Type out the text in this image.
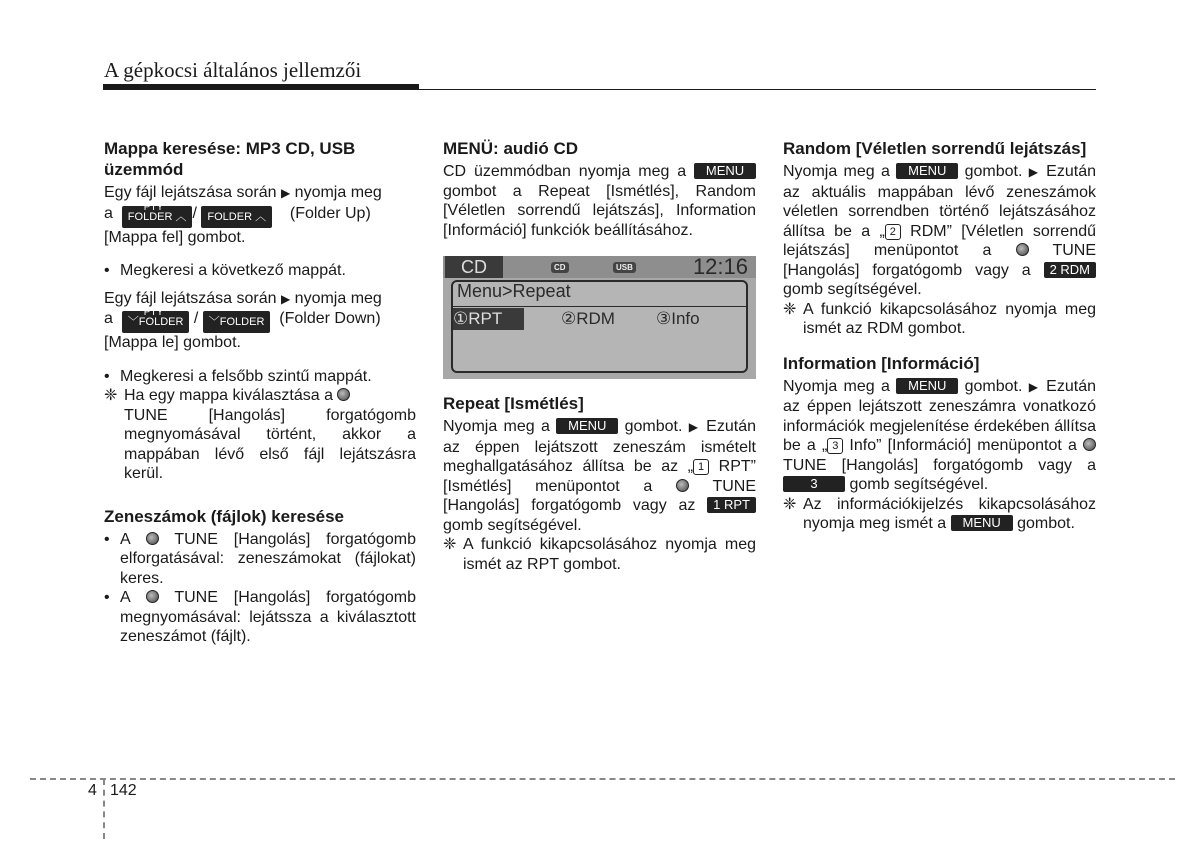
A gépkocsi általános jellemzői
Mappa keresése: MP3 CD, USB üzemmód

Egy fájl lejátszása során ▶ nyomja meg
a	PTY
FOLDER ︿ / FOLDER ︿ (Folder Up)
[Mappa fel] gombot.

• Megkeresi a következő mappát.

Egy fájl lejátszása során ▶ nyomja meg
a	PTY
﹀FOLDER / ﹀FOLDER (Folder Down)
[Mappa le] gombot.

• Megkeresi a felsőbb szintű mappát.
❈ Ha egy mappa kiválasztása a
TUNE [Hangolás] forgatógomb megnyomásával történt, akkor a mappában lévő első fájl lejátszásra kerül.
Zeneszámok (fájlok) keresése
• A	TUNE [Hangolás] forgatógomb elforgatásával: zeneszámokat (fájlokat) keres.
• A	TUNE [Hangolás] forgatógomb megnyomásával: lejátssza a kiválasztott zeneszámot (fájlt).
MENÜ: audió CD

CD üzemmódban nyomja meg a MENU gombot a Repeat [Ismétlés], Random [Véletlen sorrendű lejátszás], Information [Információ] funkciók beállításához.

CD	CD	USB	12:16
Menu>Repeat
①RPT	②RDM ③Info
Repeat [Ismétlés]

Nyomja meg a MENU gombot. ▶ Ezután az éppen lejátszott zeneszám ismételt meghallgatásához állítsa be az „ 1 RPT” [Ismétlés] menüpontot a	TUNE [Hangolás] forgatógomb vagy az 1 RPT gomb segítségével.

❈ A funkció kikapcsolásához nyomja meg ismét az RPT gombot.
Random [Véletlen sorrendű lejátszás]

Nyomja meg a MENU gombot. ▶ Ezután az aktuális mappában lévő zeneszámok véletlen sorrendben történő lejátszásához állítsa be a „ 2 RDM” [Véletlen sorrendű lejátszás] menüpontot a	TUNE [Hangolás] forgatógomb vagy a 2 RDM gomb segítségével.

❈ A funkció kikapcsolásához nyomja meg ismét az RDM gombot.
Information [Információ]

Nyomja meg a MENU gombot. ▶ Ezután az éppen lejátszott zeneszámra vonatkozó információk megjelenítése érdekében állítsa be a „ 3 Info” [Információ] menüpontot a  TUNE [Hangolás] forgatógomb vagy a 3 gomb segítségével.

❈ Az információkijelzés kikapcsolásához nyomja meg ismét a MENU gombot.
4 142
